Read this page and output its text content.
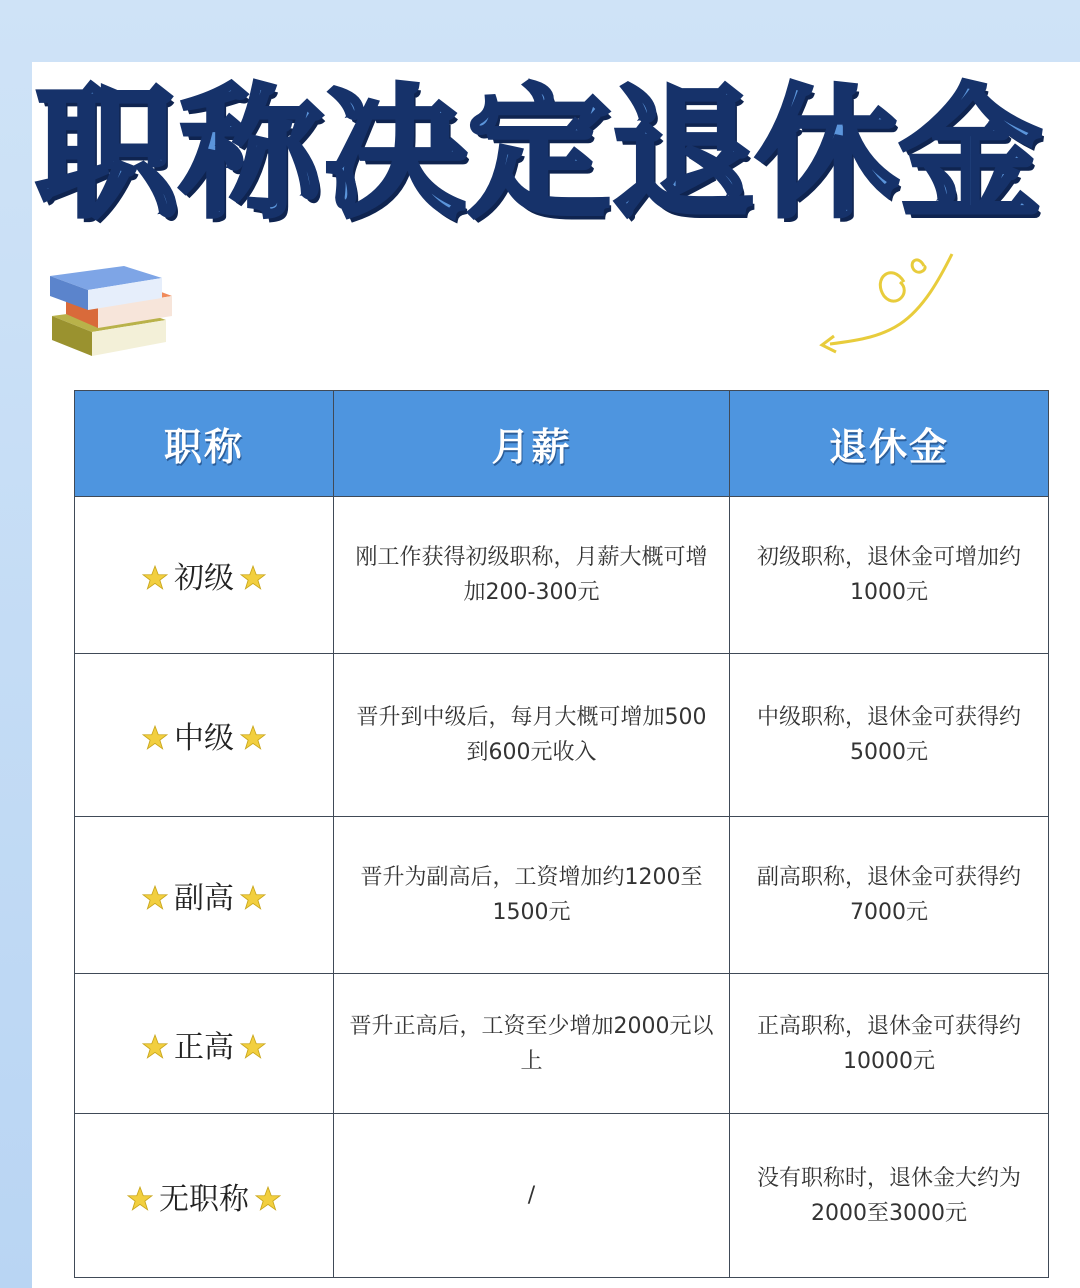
职称决定退休金
职称	月薪	退休金
初级	刚工作获得初级职称，月薪大概可增加200-300元	初级职称，退休金可增加约1000元
中级	晋升到中级后，每月大概可增加500到600元收入	中级职称，退休金可获得约5000元
副高	晋升为副高后，工资增加约1200至1500元	副高职称，退休金可获得约7000元
正高	晋升正高后，工资至少增加2000元以上	正高职称，退休金可获得约10000元
无职称	/	没有职称时，退休金大约为2000至3000元
